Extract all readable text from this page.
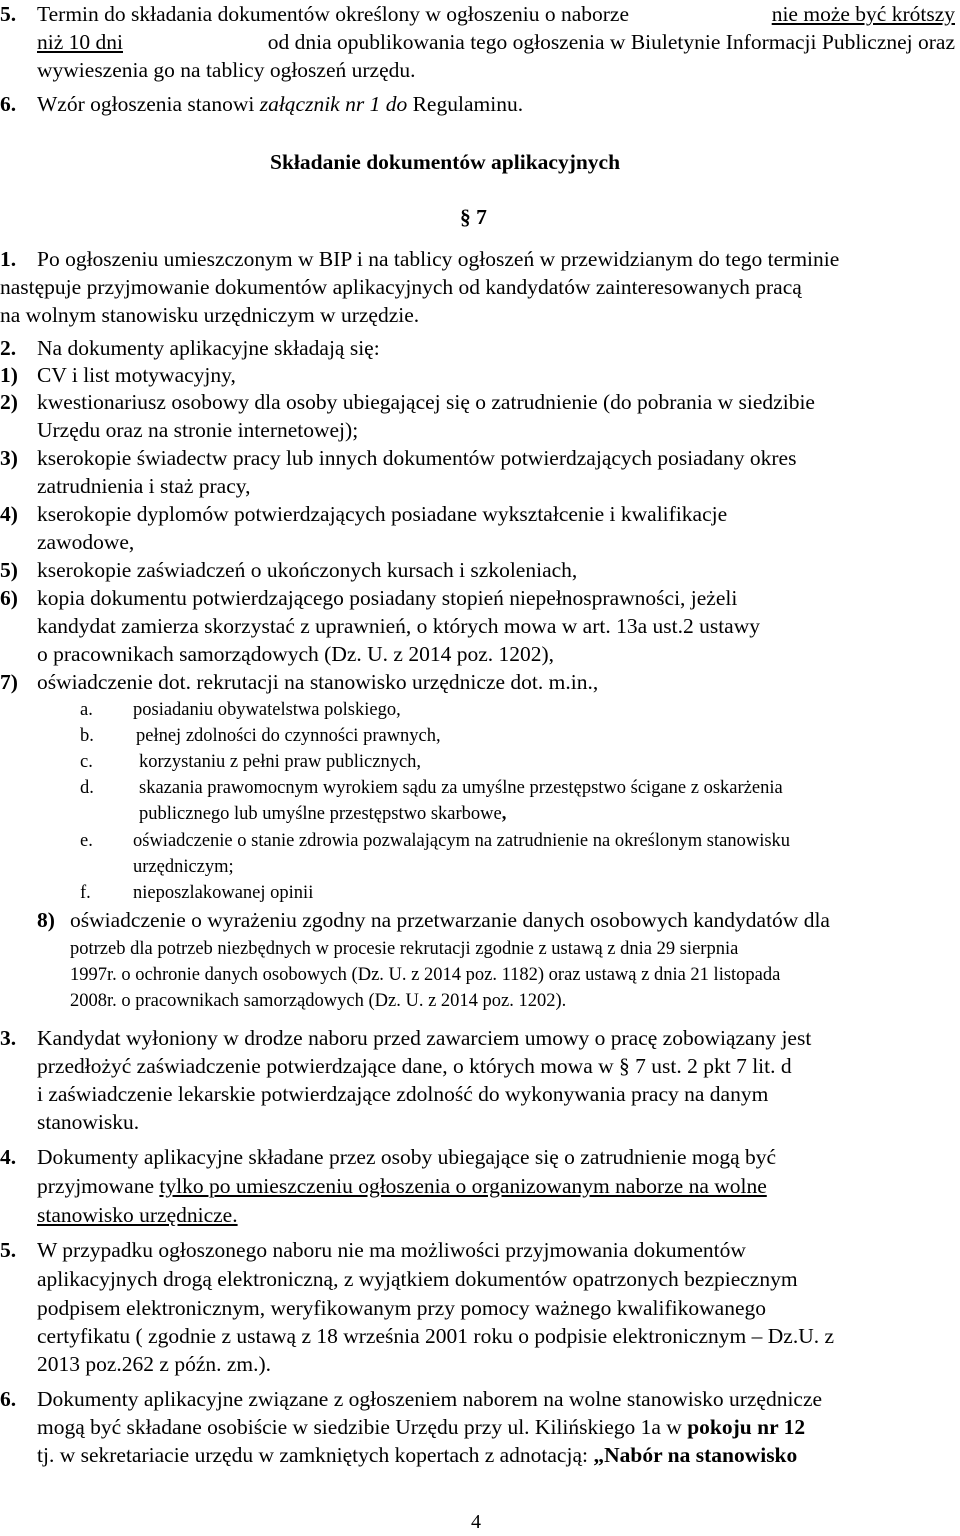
5. Termin do składania dokumentów określony w ogłoszeniu o naborze	nie może być krótszy
niż 10 dni	od dnia opublikowania tego ogłoszenia w Biuletynie Informacji Publicznej oraz
wywieszenia go na tablicy ogłoszeń urzędu.
6. Wzór ogłoszenia stanowi załącznik nr 1 do Regulaminu.
Składanie dokumentów aplikacyjnych
§ 7
1. Po ogłoszeniu umieszczonym w BIP i na tablicy ogłoszeń w przewidzianym do tego terminie
następuje przyjmowanie dokumentów aplikacyjnych od kandydatów zainteresowanych pracą
na wolnym stanowisku urzędniczym w urzędzie.
2. Na dokumenty aplikacyjne składają się:
1) CV i list motywacyjny,
2) kwestionariusz osobowy dla osoby ubiegającej się o zatrudnienie (do pobrania w siedzibie
Urzędu oraz na stronie internetowej);
3) kserokopie świadectw pracy lub innych dokumentów potwierdzających posiadany okres
zatrudnienia i staż pracy,
4) kserokopie dyplomów potwierdzających posiadane wykształcenie i kwalifikacje
zawodowe,
5) kserokopie zaświadczeń o ukończonych kursach i szkoleniach,
6) kopia dokumentu potwierdzającego posiadany stopień niepełnosprawności, jeżeli
kandydat zamierza skorzystać z uprawnień, o których mowa w art. 13a ust.2 ustawy
o pracownikach samorządowych (Dz. U. z 2014 poz. 1202),
7) oświadczenie dot. rekrutacji na stanowisko urzędnicze dot. m.in.,
a. posiadaniu obywatelstwa polskiego,
b. pełnej zdolności do czynności prawnych,
c. korzystaniu z pełni praw publicznych,
d. skazania prawomocnym wyrokiem sądu za umyślne przestępstwo ścigane z oskarżenia
publicznego lub umyślne przestępstwo skarbowe,
e. oświadczenie o stanie zdrowia pozwalającym na zatrudnienie na określonym stanowisku
urzędniczym;
f. nieposzlakowanej opinii
8) oświadczenie o wyrażeniu zgodny na przetwarzanie danych osobowych kandydatów dla
potrzeb dla potrzeb niezbędnych w procesie rekrutacji zgodnie z ustawą z dnia 29 sierpnia
1997r. o ochronie danych osobowych (Dz. U. z 2014 poz. 1182) oraz ustawą z dnia 21 listopada
2008r. o pracownikach samorządowych (Dz. U. z 2014 poz. 1202).
3. Kandydat wyłoniony w drodze naboru przed zawarciem umowy o pracę zobowiązany jest
przedłożyć zaświadczenie potwierdzające dane, o których mowa w § 7 ust. 2 pkt 7 lit. d
i zaświadczenie lekarskie potwierdzające zdolność do wykonywania pracy na danym
stanowisku.
4. Dokumenty aplikacyjne składane przez osoby ubiegające się o zatrudnienie mogą być
przyjmowane tylko po umieszczeniu ogłoszenia o organizowanym naborze na wolne
stanowisko urzędnicze.
5. W przypadku ogłoszonego naboru nie ma możliwości przyjmowania dokumentów
aplikacyjnych drogą elektroniczną, z wyjątkiem dokumentów opatrzonych bezpiecznym
podpisem elektronicznym, weryfikowanym przy pomocy ważnego kwalifikowanego
certyfikatu ( zgodnie z ustawą z 18 września 2001 roku o podpisie elektronicznym – Dz.U. z
2013 poz.262 z późn. zm.).
6. Dokumenty aplikacyjne związane z ogłoszeniem naborem na wolne stanowisko urzędnicze
mogą być składane osobiście w siedzibie Urzędu przy ul. Kilińskiego 1a w pokoju nr 12
tj. w sekretariacie urzędu w zamkniętych kopertach z adnotacją: „Nabór na stanowisko
4
